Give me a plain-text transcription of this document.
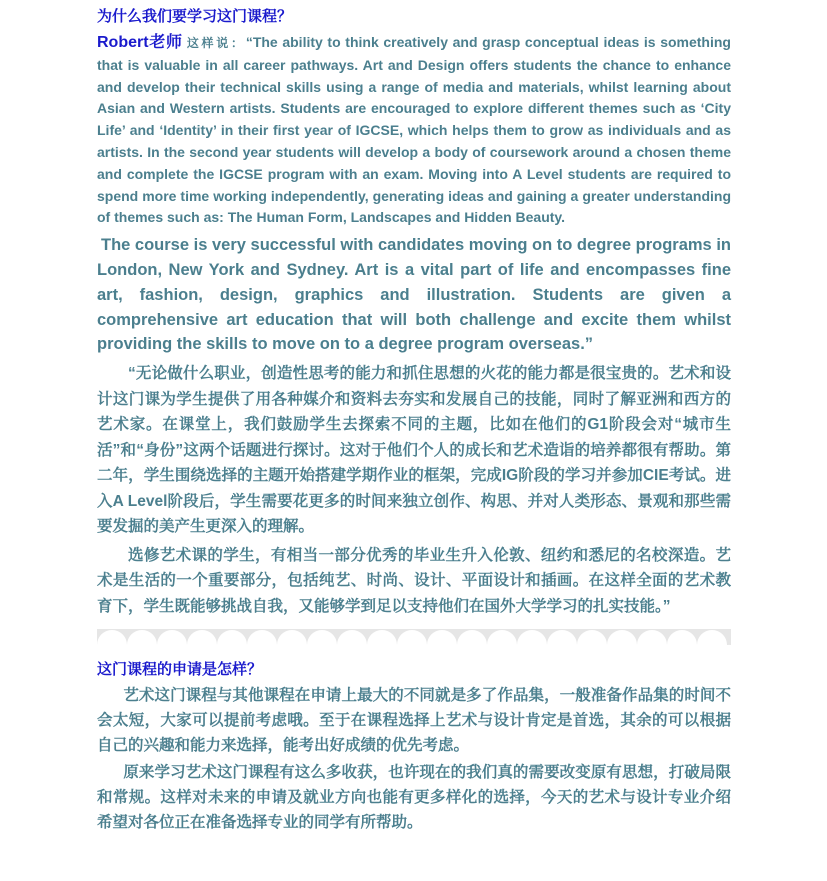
为什么我们要学习这门课程？

Robert老师 这样说：“The ability to think creatively and grasp conceptual ideas is something that is valuable in all career pathways. Art and Design offers students the chance to enhance and develop their technical skills using a range of media and materials, whilst learning about Asian and Western artists. Students are encouraged to explore different themes such as ‘City Life’ and ‘Identity’ in their first year of IGCSE, which helps them to grow as individuals and as artists. In the second year students will develop a body of coursework around a chosen theme and complete the IGCSE program with an exam. Moving into A Level students are required to spend more time working independently, generating ideas and gaining a greater understanding of themes such as: The Human Form, Landscapes and Hidden Beauty.

The course is very successful with candidates moving on to degree programs in London, New York and Sydney. Art is a vital part of life and encompasses fine art, fashion, design, graphics and illustration. Students are given a comprehensive art education that will both challenge and excite them whilst providing the skills to move on to a degree program overseas.”

“无论做什么职业，创造性思考的能力和抓住思想的火花的能力都是很宝贵的。艺术和设计这门课为学生提供了用各种媒介和资料去夯实和发展自己的技能，同时了解亚洲和西方的艺术家。在课堂上，我们鼓励学生去探索不同的主题，比如在他们的G1阶段会对“城市生活”和“身份”这两个话题进行探讨。这对于他们个人的成长和艺术造诣的培养都很有帮助。第二年，学生围绕选择的主题开始搭建学期作业的框架，完成IG阶段的学习并参加CIE考试。进入A Level阶段后，学生需要花更多的时间来独立创作、构思、并对人类形态、景观和那些需要发掘的美产生更深入的理解。

选修艺术课的学生，有相当一部分优秀的毕业生升入伦敦、纽约和悉尼的名校深造。艺术是生活的一个重要部分，包括纯艺、时尚、设计、平面设计和插画。在这样全面的艺术教育下，学生既能够挑战自我，又能够学到足以支持他们在国外大学学习的扎实技能。”

这门课程的申请是怎样？

艺术这门课程与其他课程在申请上最大的不同就是多了作品集，一般准备作品集的时间不会太短，大家可以提前考虑哦。至于在课程选择上艺术与设计肯定是首选，其余的可以根据自己的兴趣和能力来选择，能考出好成绩的优先考虑。

原来学习艺术这门课程有这么多收获，也许现在的我们真的需要改变原有思想，打破局限和常规。这样对未来的申请及就业方向也能有更多样化的选择，今天的艺术与设计专业介绍希望对各位正在准备选择专业的同学有所帮助。
